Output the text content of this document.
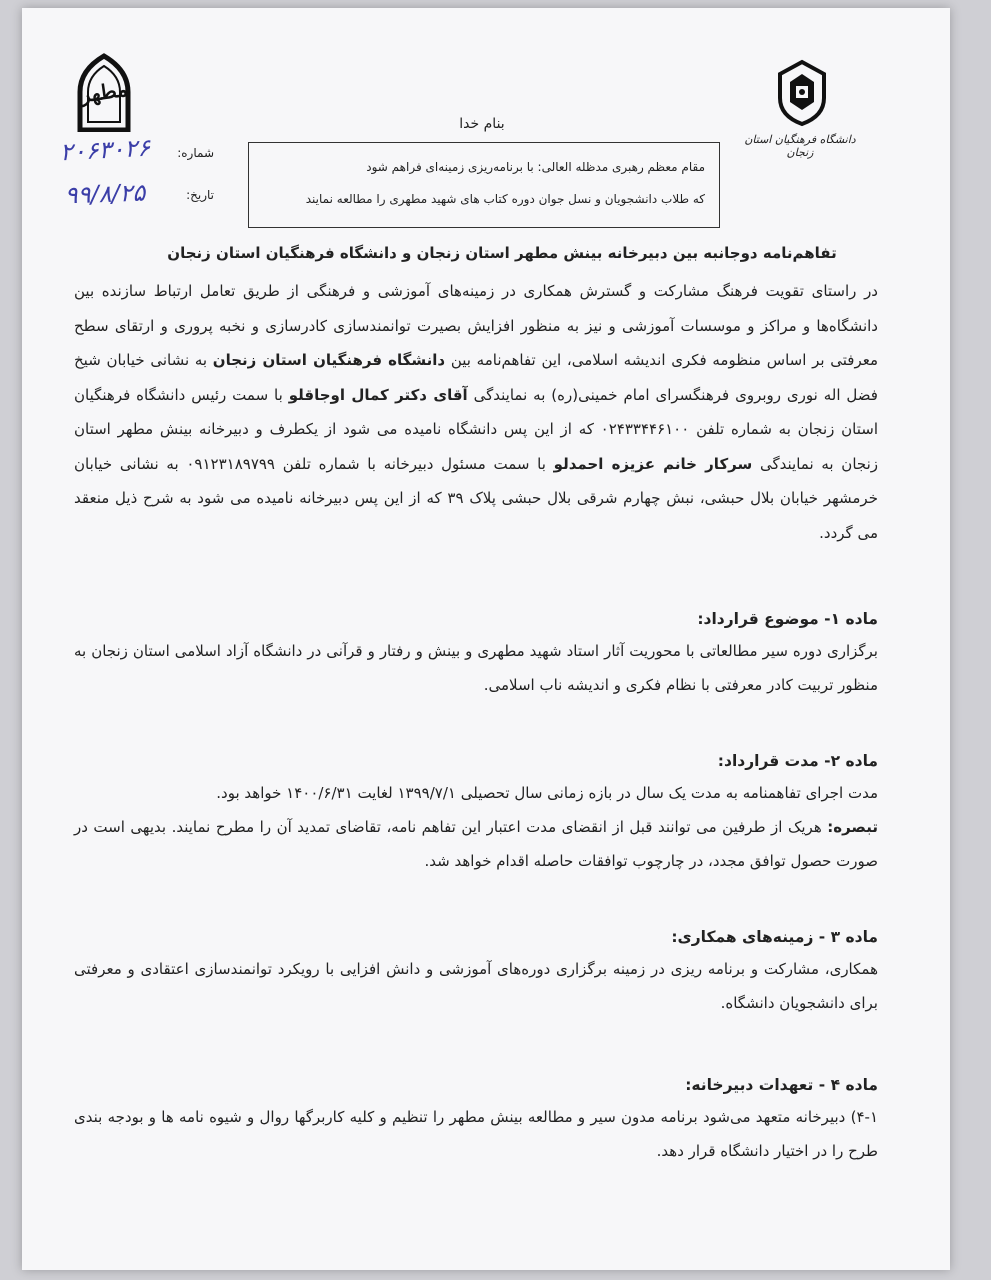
دانشگاه فرهنگیان استان زنجان
مطهر
بنام خدا
شماره:
۲۰۶۳۰۲۶
تاریخ:
۹۹/۸/۲۵
مقام معظم رهبری مدظله العالی: با برنامه‌ریزی زمینه‌ای فراهم شود
که طلاب دانشجویان و نسل جوان دوره کتاب های شهید مطهری را مطالعه نمایند
تفاهم‌نامه دوجانبه بین دبیرخانه بینش مطهر استان زنجان و دانشگاه فرهنگیان استان زنجان
در راستای تقویت فرهنگ مشارکت و گسترش همکاری در زمینه‌های آموزشی و فرهنگی از طریق تعامل ارتباط سازنده بین دانشگاه‌ها و مراکز و موسسات آموزشی و نیز به منظور افزایش بصیرت توانمندسازی کادرسازی و نخبه پروری و ارتقای سطح معرفتی بر اساس منظومه فکری اندیشه اسلامی، این تفاهم‌نامه بین دانشگاه فرهنگیان استان زنجان به نشانی خیابان شیخ فضل اله نوری روبروی فرهنگسرای امام خمینی(ره) به نمایندگی آقای دکتر کمال اوجاقلو با سمت رئیس دانشگاه فرهنگیان استان زنجان به شماره تلفن ۰۲۴۳۳۴۴۶۱۰۰ که از این پس دانشگاه نامیده می شود از یکطرف و دبیرخانه بینش مطهر استان زنجان به نمایندگی سرکار خانم عزیزه احمدلو با سمت مسئول دبیرخانه با شماره تلفن ۰۹۱۲۳۱۸۹۷۹۹ به نشانی خیابان خرمشهر خیابان بلال حبشی، نبش چهارم شرقی بلال حبشی پلاک ۳۹ که از این پس دبیرخانه نامیده می شود به شرح ذیل منعقد می گردد.

ماده ۱- موضوع قرارداد:

برگزاری دوره سیر مطالعاتی با محوریت آثار استاد شهید مطهری و بینش و رفتار و قرآنی در دانشگاه آزاد اسلامی استان زنجان به منظور تربیت کادر معرفتی با نظام فکری و اندیشه ناب اسلامی.

ماده ۲- مدت قرارداد:

مدت اجرای تفاهمنامه به مدت یک سال در بازه زمانی سال تحصیلی ۱۳۹۹/۷/۱ لغایت ۱۴۰۰/۶/۳۱ خواهد بود.

تبصره: هریک از طرفین می توانند قبل از انقضای مدت اعتبار این تفاهم نامه، تقاضای تمدید آن را مطرح نمایند. بدیهی است در صورت حصول توافق مجدد، در چارچوب توافقات حاصله اقدام خواهد شد.

ماده ۳ - زمینه‌های همکاری:

همکاری، مشارکت و برنامه ریزی در زمینه برگزاری دوره‌های آموزشی و دانش افزایی با رویکرد توانمندسازی اعتقادی و معرفتی برای دانشجویان دانشگاه.

ماده ۴ - تعهدات دبیرخانه:

۴-۱) دبیرخانه متعهد می‌شود برنامه مدون سیر و مطالعه بینش مطهر را تنظیم و کلیه کاربرگها روال و شیوه نامه ها و بودجه بندی طرح را در اختیار دانشگاه قرار دهد.
